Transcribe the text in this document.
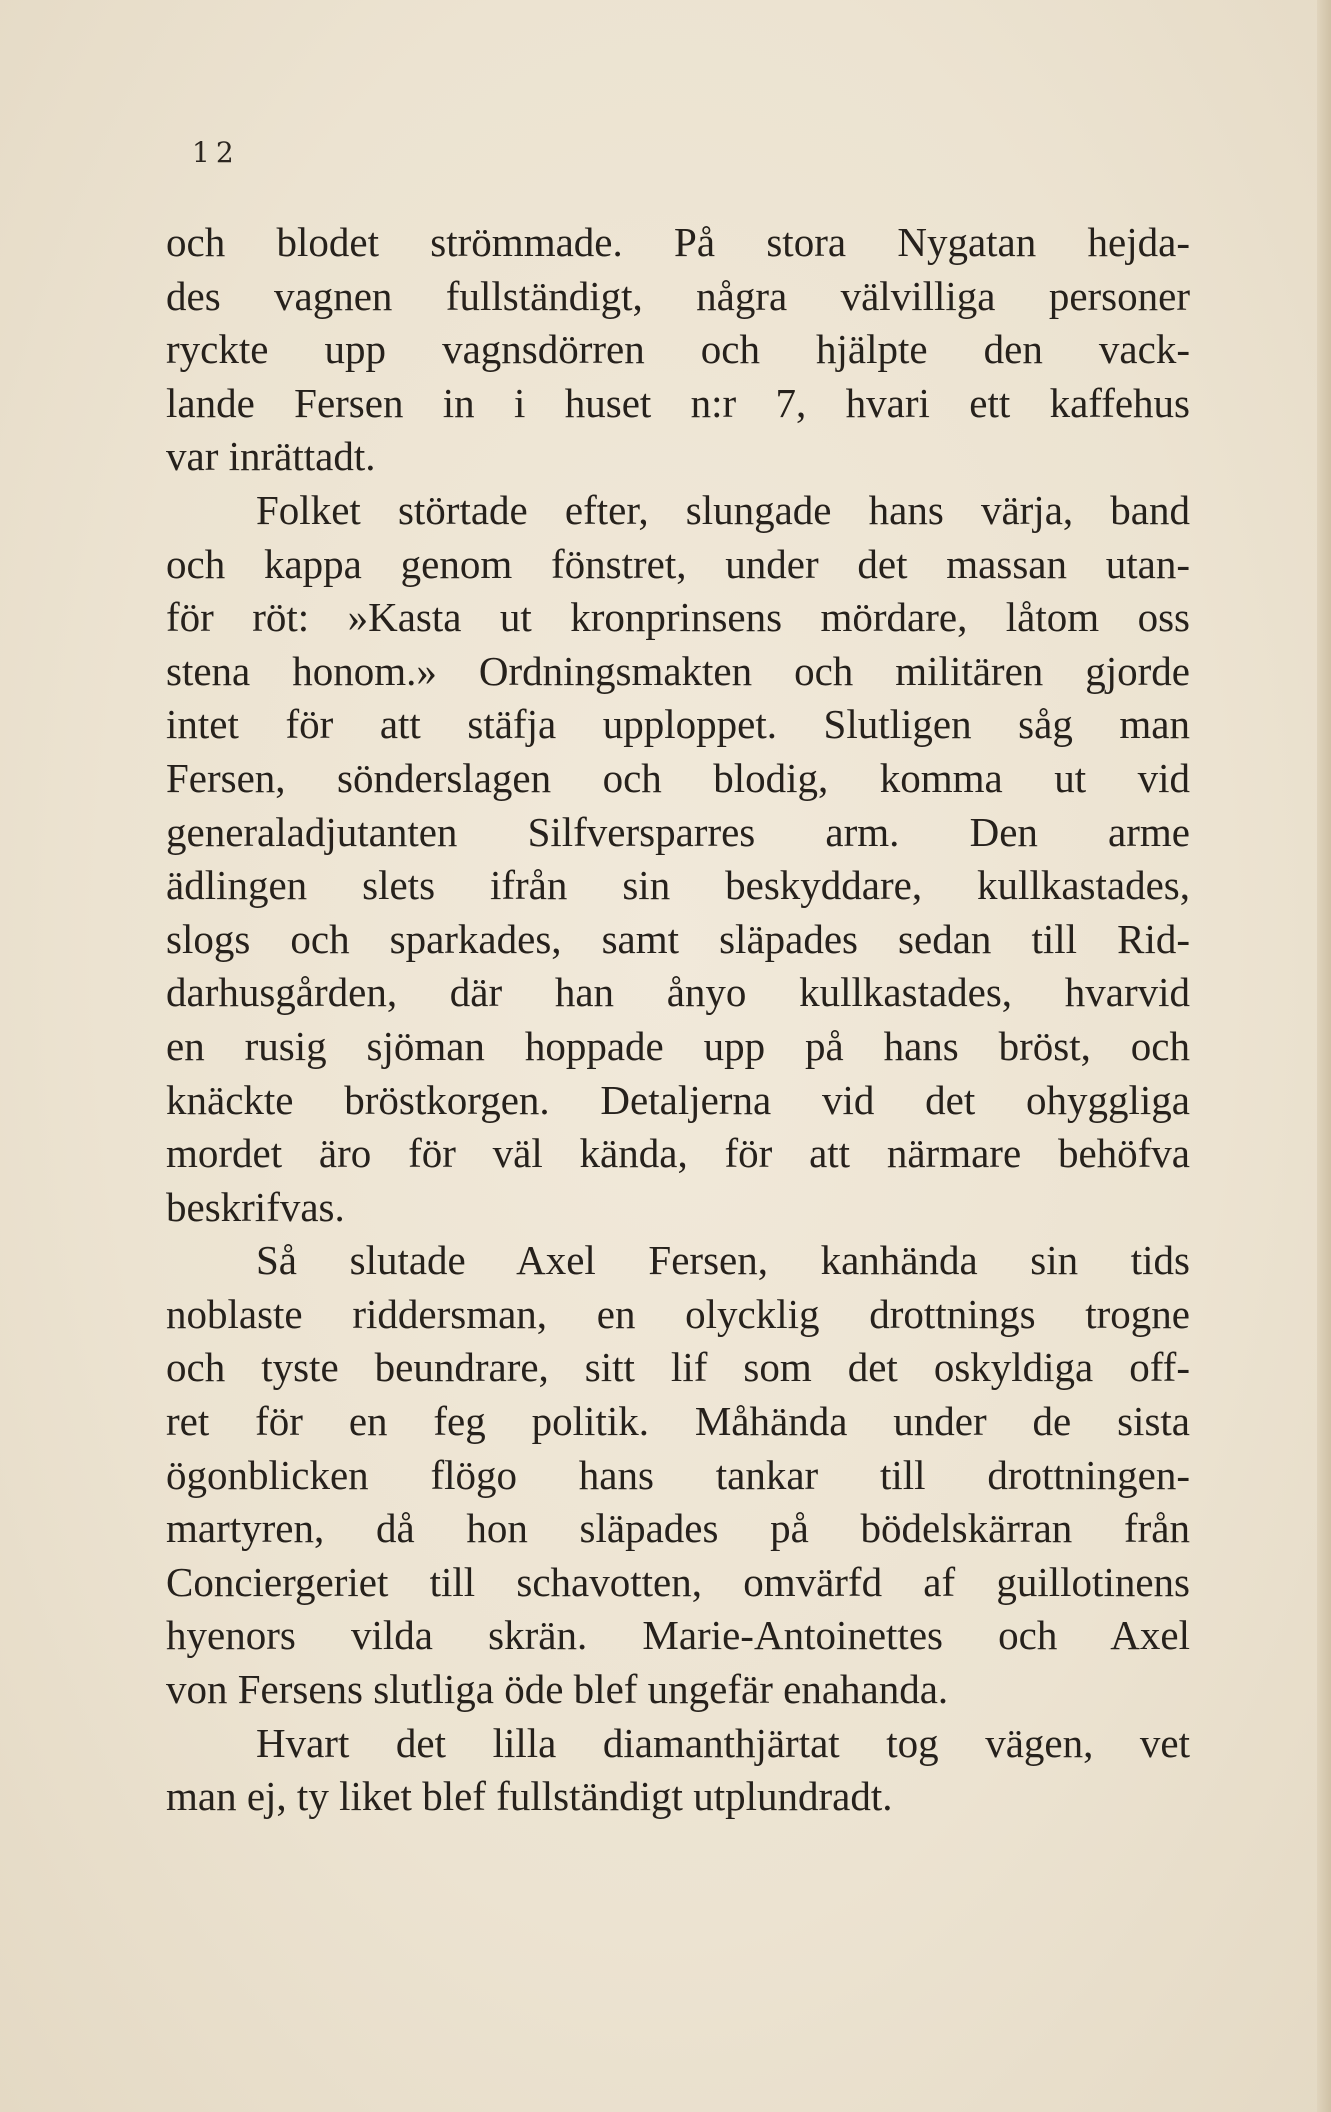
12
och blodet strömmade. På stora Nygatan hejda-
des vagnen fullständigt, några välvilliga personer
ryckte upp vagnsdörren och hjälpte den vack-
lande Fersen in i huset n:r 7, hvari ett kaffehus
var inrättadt.
Folket störtade efter, slungade hans värja, band
och kappa genom fönstret, under det massan utan-
för röt: »Kasta ut kronprinsens mördare, låtom oss
stena honom.» Ordningsmakten och militären gjorde
intet för att stäfja upploppet. Slutligen såg man
Fersen, sönderslagen och blodig, komma ut vid
generaladjutanten Silfversparres arm. Den arme
ädlingen slets ifrån sin beskyddare, kullkastades,
slogs och sparkades, samt släpades sedan till Rid-
darhusgården, där han ånyo kullkastades, hvarvid
en rusig sjöman hoppade upp på hans bröst, och
knäckte bröstkorgen. Detaljerna vid det ohyggliga
mordet äro för väl kända, för att närmare behöfva
beskrifvas.
Så slutade Axel Fersen, kanhända sin tids
noblaste riddersman, en olycklig drottnings trogne
och tyste beundrare, sitt lif som det oskyldiga off-
ret för en feg politik. Måhända under de sista
ögonblicken flögo hans tankar till drottningen-
martyren, då hon släpades på bödelskärran från
Conciergeriet till schavotten, omvärfd af guillotinens
hyenors vilda skrän. Marie-Antoinettes och Axel
von Fersens slutliga öde blef ungefär enahanda.
Hvart det lilla diamanthjärtat tog vägen, vet
man ej, ty liket blef fullständigt utplundradt.
